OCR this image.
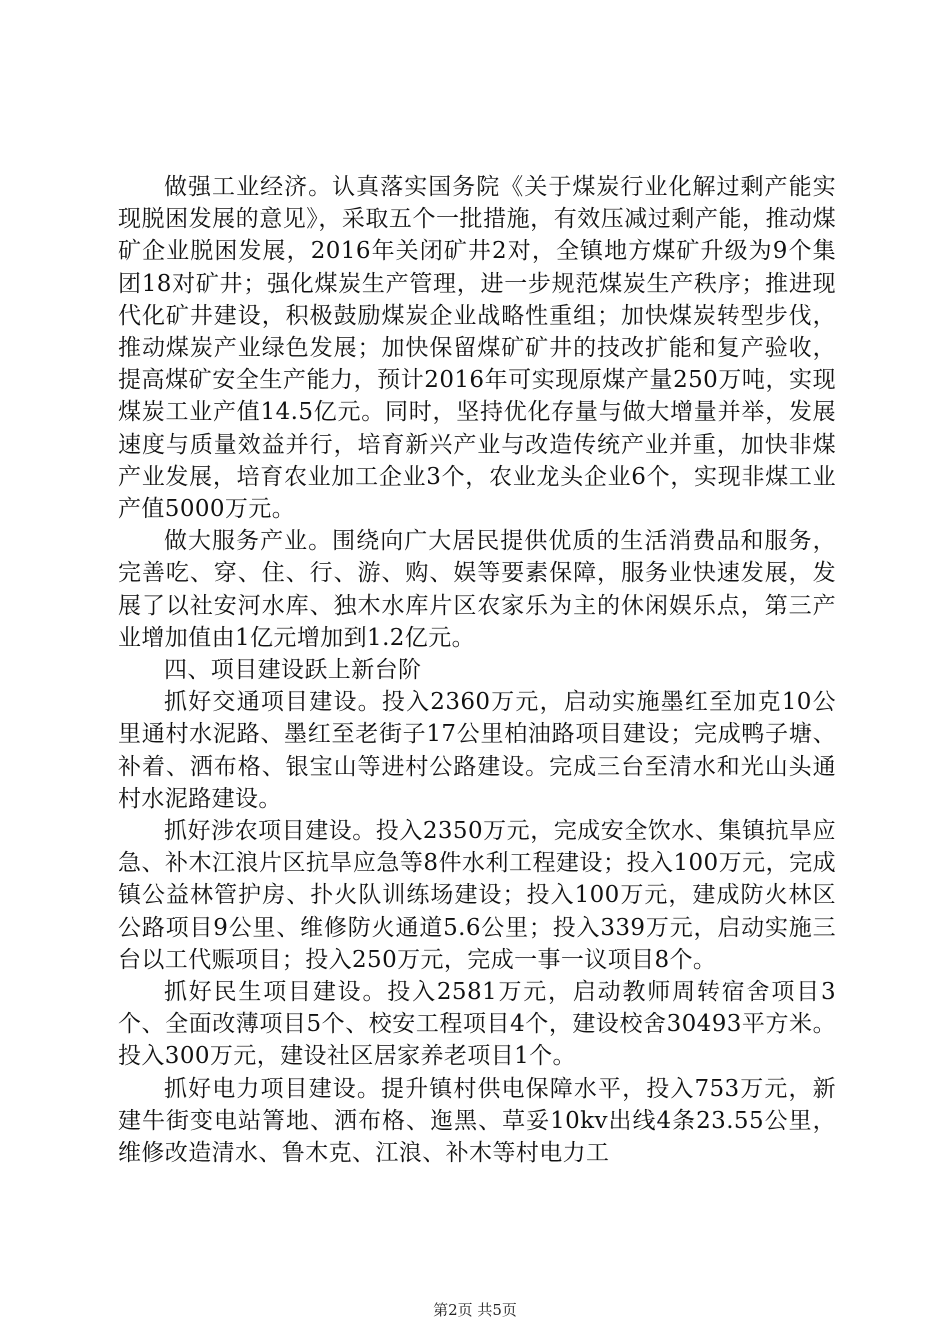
做强工业经济。认真落实国务院《关于煤炭行业化解过剩产能实现脱困发展的意见》，采取五个一批措施，有效压减过剩产能，推动煤矿企业脱困发展，2016年关闭矿井2对，全镇地方煤矿升级为9个集团18对矿井；强化煤炭生产管理，进一步规范煤炭生产秩序；推进现代化矿井建设，积极鼓励煤炭企业战略性重组；加快煤炭转型步伐，推动煤炭产业绿色发展；加快保留煤矿矿井的技改扩能和复产验收，提高煤矿安全生产能力，预计2016年可实现原煤产量250万吨，实现煤炭工业产值14.5亿元。同时，坚持优化存量与做大增量并举，发展速度与质量效益并行，培育新兴产业与改造传统产业并重，加快非煤产业发展，培育农业加工企业3个，农业龙头企业6个，实现非煤工业产值5000万元。

做大服务产业。围绕向广大居民提供优质的生活消费品和服务，完善吃、穿、住、行、游、购、娱等要素保障，服务业快速发展，发展了以社安河水库、独木水库片区农家乐为主的休闲娱乐点，第三产业增加值由1亿元增加到1.2亿元。

四、项目建设跃上新台阶

抓好交通项目建设。投入2360万元，启动实施墨红至加克10公里通村水泥路、墨红至老街子17公里柏油路项目建设；完成鸭子塘、补着、洒布格、银宝山等进村公路建设。完成三台至清水和光山头通村水泥路建设。

抓好涉农项目建设。投入2350万元，完成安全饮水、集镇抗旱应急、补木江浪片区抗旱应急等8件水利工程建设；投入100万元，完成镇公益林管护房、扑火队训练场建设；投入100万元，建成防火林区公路项目9公里、维修防火通道5.6公里；投入339万元，启动实施三台以工代赈项目；投入250万元，完成一事一议项目8个。

抓好民生项目建设。投入2581万元，启动教师周转宿舍项目3个、全面改薄项目5个、校安工程项目4个，建设校舍30493平方米。投入300万元，建设社区居家养老项目1个。

抓好电力项目建设。提升镇村供电保障水平，投入753万元，新建牛街变电站箐地、洒布格、迤黑、草妥10kv出线4条23.55公里，维修改造清水、鲁木克、江浪、补木等村电力工

第2页 共5页
